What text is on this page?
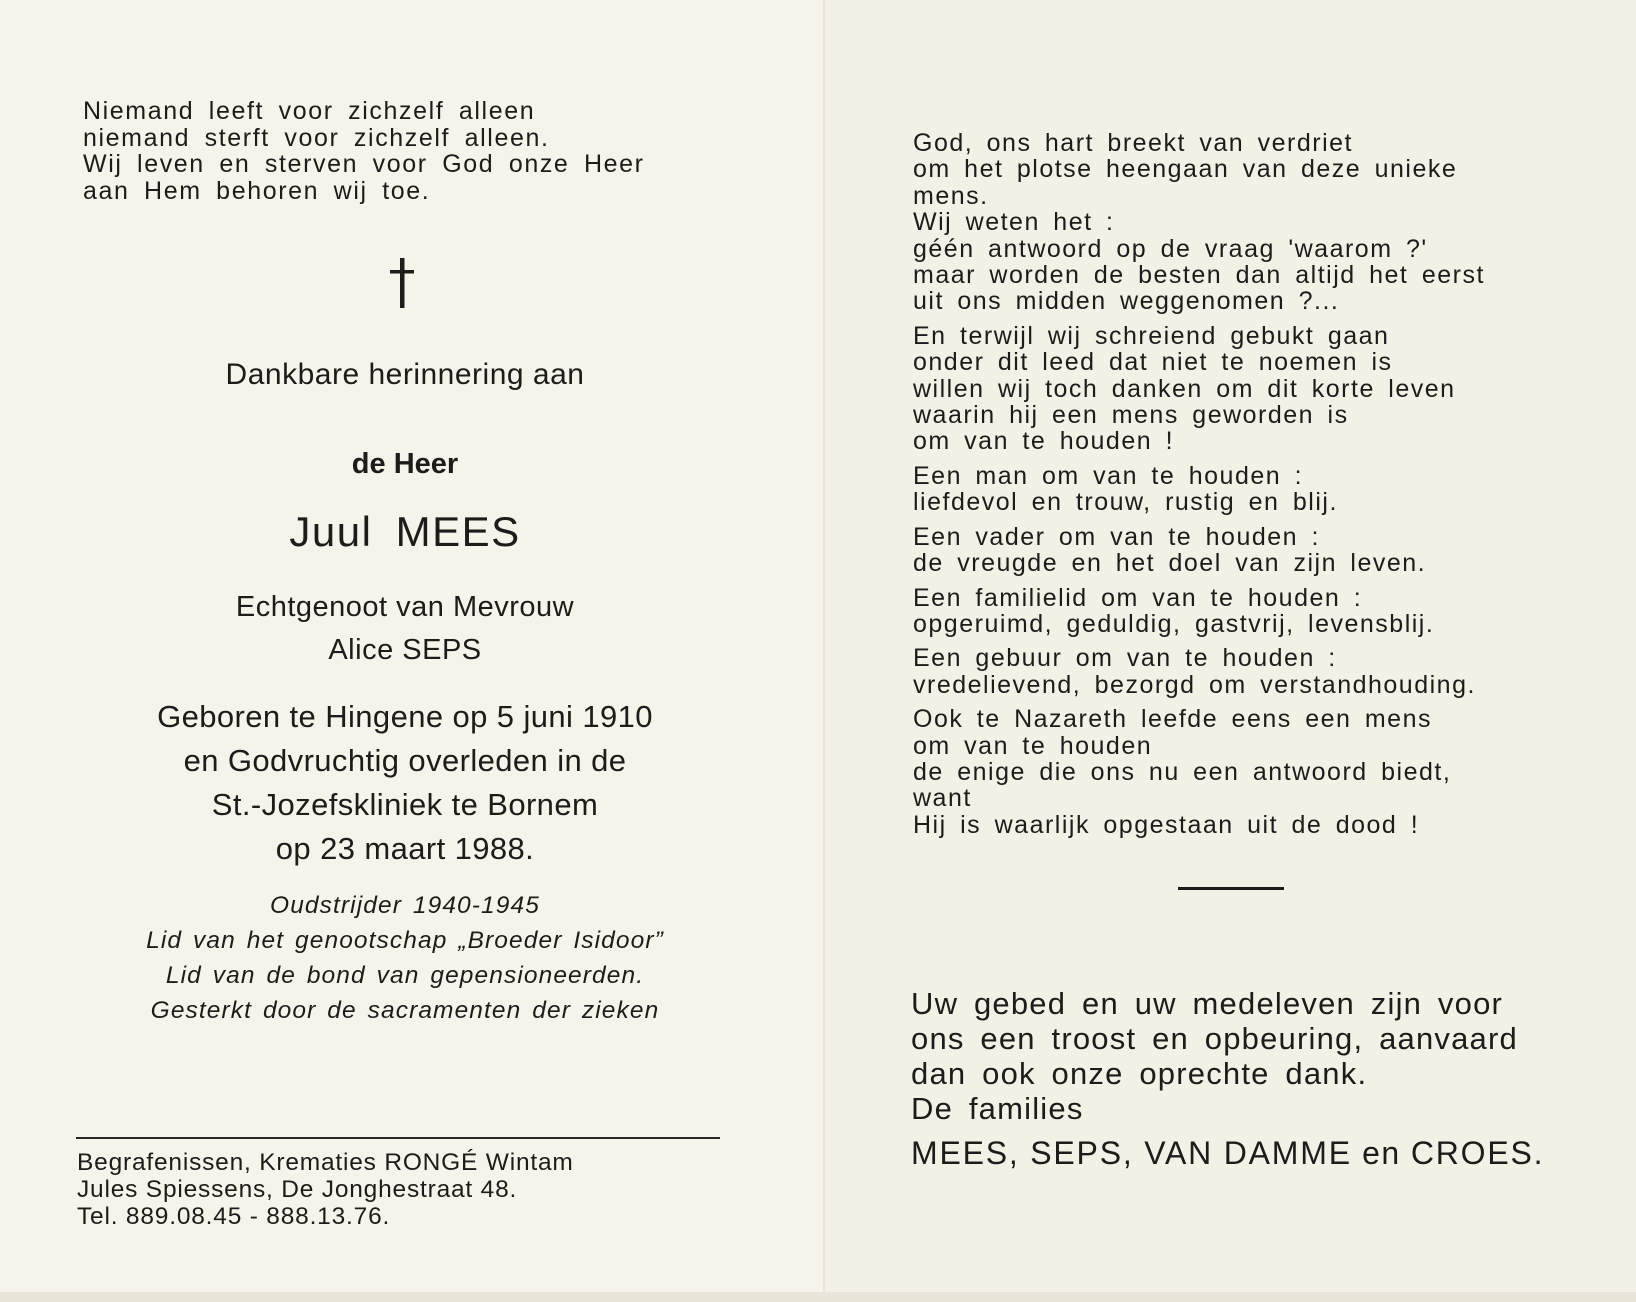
Niemand leeft voor zichzelf alleen
niemand sterft voor zichzelf alleen.
Wij leven en sterven voor God onze Heer
aan Hem behoren wij toe.
Dankbare herinnering aan
de Heer
Juul MEES
Echtgenoot van Mevrouw
Alice SEPS
Geboren te Hingene op 5 juni 1910
en Godvruchtig overleden in de
St.-Jozefskliniek te Bornem
op 23 maart 1988.
Oudstrijder 1940-1945
Lid van het genootschap „Broeder Isidoor”
Lid van de bond van gepensioneerden.
Gesterkt door de sacramenten der zieken
Begrafenissen, Krematies RONGÉ Wintam
Jules Spiessens, De Jonghestraat 48.
Tel. 889.08.45 - 888.13.76.
God, ons hart breekt van verdriet
om het plotse heengaan van deze unieke
mens.
Wij weten het :
géén antwoord op de vraag 'waarom ?'
maar worden de besten dan altijd het eerst
uit ons midden weggenomen ?...
En terwijl wij schreiend gebukt gaan
onder dit leed dat niet te noemen is
willen wij toch danken om dit korte leven
waarin hij een mens geworden is
om van te houden !
Een man om van te houden :
liefdevol en trouw, rustig en blij.
Een vader om van te houden :
de vreugde en het doel van zijn leven.
Een familielid om van te houden :
opgeruimd, geduldig, gastvrij, levensblij.
Een gebuur om van te houden :
vredelievend, bezorgd om verstandhouding.
Ook te Nazareth leefde eens een mens
om van te houden
de enige die ons nu een antwoord biedt,
want
Hij is waarlijk opgestaan uit de dood !
Uw gebed en uw medeleven zijn voor
ons een troost en opbeuring, aanvaard
dan ook onze oprechte dank.
De families
MEES, SEPS, VAN DAMME en CROES.
